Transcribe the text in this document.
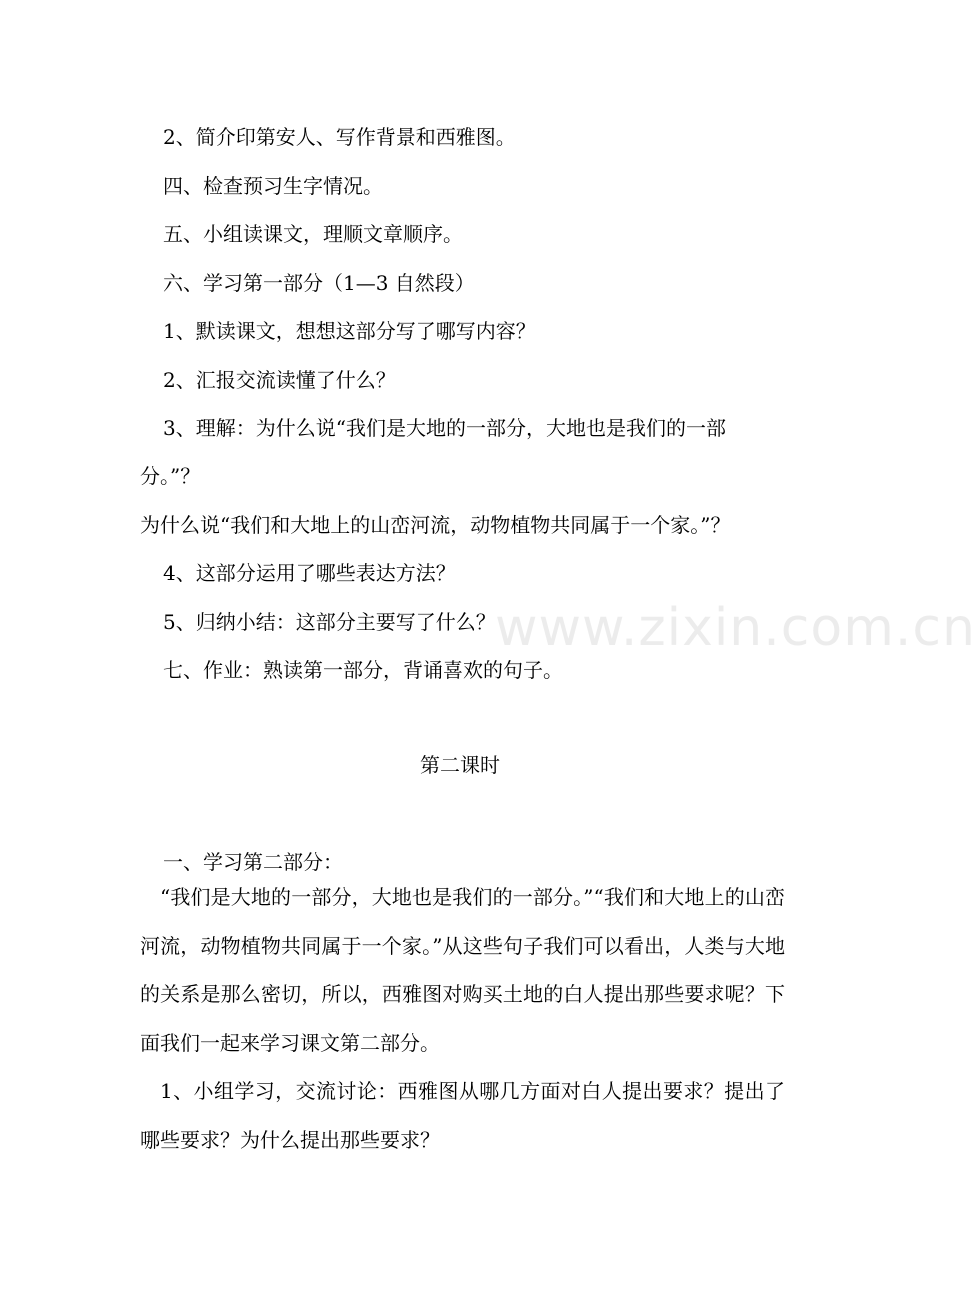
2、简介印第安人、写作背景和西雅图。
四、检查预习生字情况。
五、小组读课文，理顺文章顺序。
六、学习第一部分（1—3 自然段）
1、默读课文，想想这部分写了哪写内容？
2、汇报交流读懂了什么？
3、理解：为什么说“我们是大地的一部分，大地也是我们的一部
分。”？
为什么说“我们和大地上的山峦河流，动物植物共同属于一个家。”？
4、这部分运用了哪些表达方法？
5、归纳小结：这部分主要写了什么？
七、作业：熟读第一部分，背诵喜欢的句子。
第二课时
一、学习第二部分：
“我们是大地的一部分，大地也是我们的一部分。”“我们和大地上的山峦河流，动物植物共同属于一个家。”从这些句子我们可以看出，人类与大地的关系是那么密切，所以，西雅图对购买土地的白人提出那些要求呢？下面我们一起来学习课文第二部分。
1、小组学习，交流讨论：西雅图从哪几方面对白人提出要求？提出了哪些要求？为什么提出那些要求？
www.zixin.com.cn
